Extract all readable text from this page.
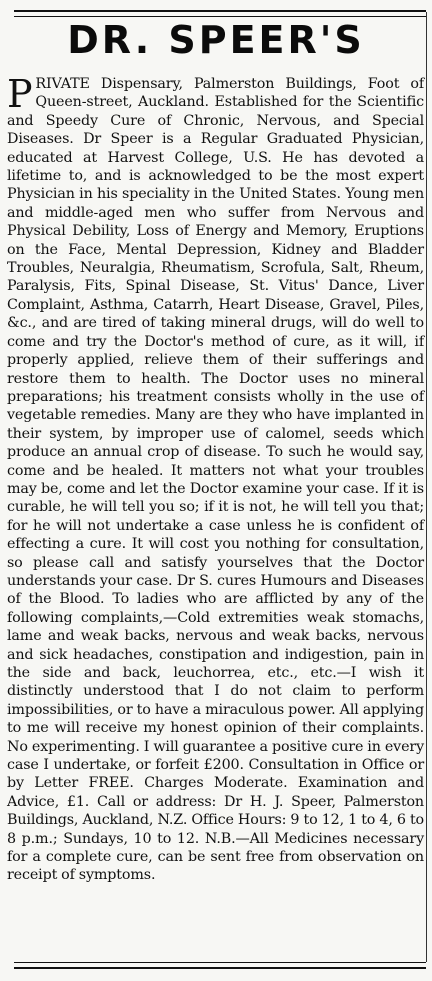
DR. SPEER'S

PRIVATE Dispensary, Palmerston Buildings, Foot of Queen-street, Auckland. Established for the Scientific and Speedy Cure of Chronic, Nervous, and Special Diseases. Dr Speer is a Regular Graduated Physician, educated at Harvest College, U.S. He has devoted a lifetime to, and is acknowledged to be the most expert Physician in his speciality in the United States. Young men and middle-aged men who suffer from Nervous and Physical Debility, Loss of Energy and Memory, Eruptions on the Face, Mental Depression, Kidney and Bladder Troubles, Neuralgia, Rheumatism, Scrofula, Salt, Rheum, Paralysis, Fits, Spinal Disease, St. Vitus' Dance, Liver Complaint, Asthma, Catarrh, Heart Disease, Gravel, Piles, &c., and are tired of taking mineral drugs, will do well to come and try the Doctor's method of cure, as it will, if properly applied, relieve them of their sufferings and restore them to health. The Doctor uses no mineral preparations; his treatment consists wholly in the use of vegetable remedies. Many are they who have implanted in their system, by improper use of calomel, seeds which produce an annual crop of disease. To such he would say, come and be healed. It matters not what your troubles may be, come and let the Doctor examine your case. If it is curable, he will tell you so; if it is not, he will tell you that; for he will not undertake a case unless he is confident of effecting a cure. It will cost you nothing for consultation, so please call and satisfy yourselves that the Doctor understands your case. Dr S. cures Humours and Diseases of the Blood. To ladies who are afflicted by any of the following complaints,—Cold extremities weak stomachs, lame and weak backs, nervous and weak backs, nervous and sick headaches, constipation and indigestion, pain in the side and back, leuchorrea, etc., etc.—I wish it distinctly understood that I do not claim to perform impossibilities, or to have a miraculous power. All applying to me will receive my honest opinion of their complaints. No experimenting. I will guarantee a positive cure in every case I undertake, or forfeit £200. Consultation in Office or by Letter FREE. Charges Moderate. Examination and Advice, £1. Call or address: Dr H. J. Speer, Palmerston Buildings, Auckland, N.Z. Office Hours: 9 to 12, 1 to 4, 6 to 8 p.m.; Sundays, 10 to 12. N.B.—All Medicines necessary for a complete cure, can be sent free from observation on receipt of symptoms.
